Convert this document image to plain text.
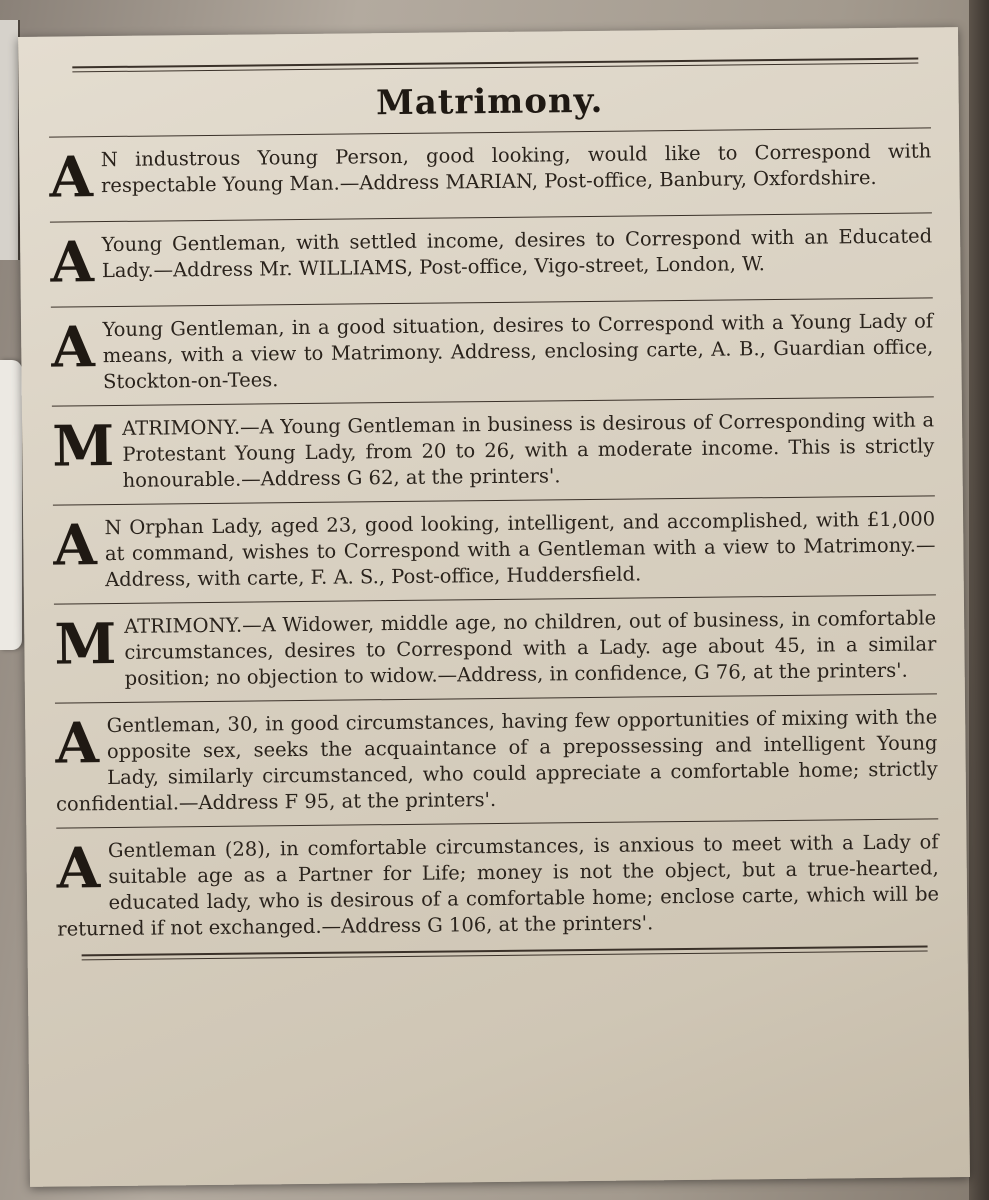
Matrimony.
A N industrous Young Person, good looking, would like to Correspond with respectable Young Man.—Address MARIAN, Post-office, Banbury, Oxfordshire.

A Young Gentleman, with settled income, desires to Correspond with an Educated Lady.—Address Mr. WILLIAMS, Post-office, Vigo-street, London, W.

A Young Gentleman, in a good situation, desires to Correspond with a Young Lady of means, with a view to Matrimony. Address, enclosing carte, A. B., Guardian office, Stockton-on-Tees.

M ATRIMONY.—A Young Gentleman in business is desirous of Corresponding with a Protestant Young Lady, from 20 to 26, with a moderate income. This is strictly honourable.—Address G 62, at the printers'.

A N Orphan Lady, aged 23, good looking, intelligent, and accomplished, with £1,000 at command, wishes to Correspond with a Gentleman with a view to Matrimony.—Address, with carte, F. A. S., Post-office, Huddersfield.

M ATRIMONY.—A Widower, middle age, no children, out of business, in comfortable circumstances, desires to Correspond with a Lady. age about 45, in a similar position; no objection to widow.—Address, in confidence, G 76, at the printers'.

A Gentleman, 30, in good circumstances, having few opportunities of mixing with the opposite sex, seeks the acquaintance of a prepossessing and intelligent Young Lady, similarly circumstanced, who could appreciate a comfortable home; strictly confidential.—Address F 95, at the printers'.

A Gentleman (28), in comfortable circumstances, is anxious to meet with a Lady of suitable age as a Partner for Life; money is not the object, but a true-hearted, educated lady, who is desirous of a comfortable home; enclose carte, which will be returned if not exchanged.—Address G 106, at the printers'.
